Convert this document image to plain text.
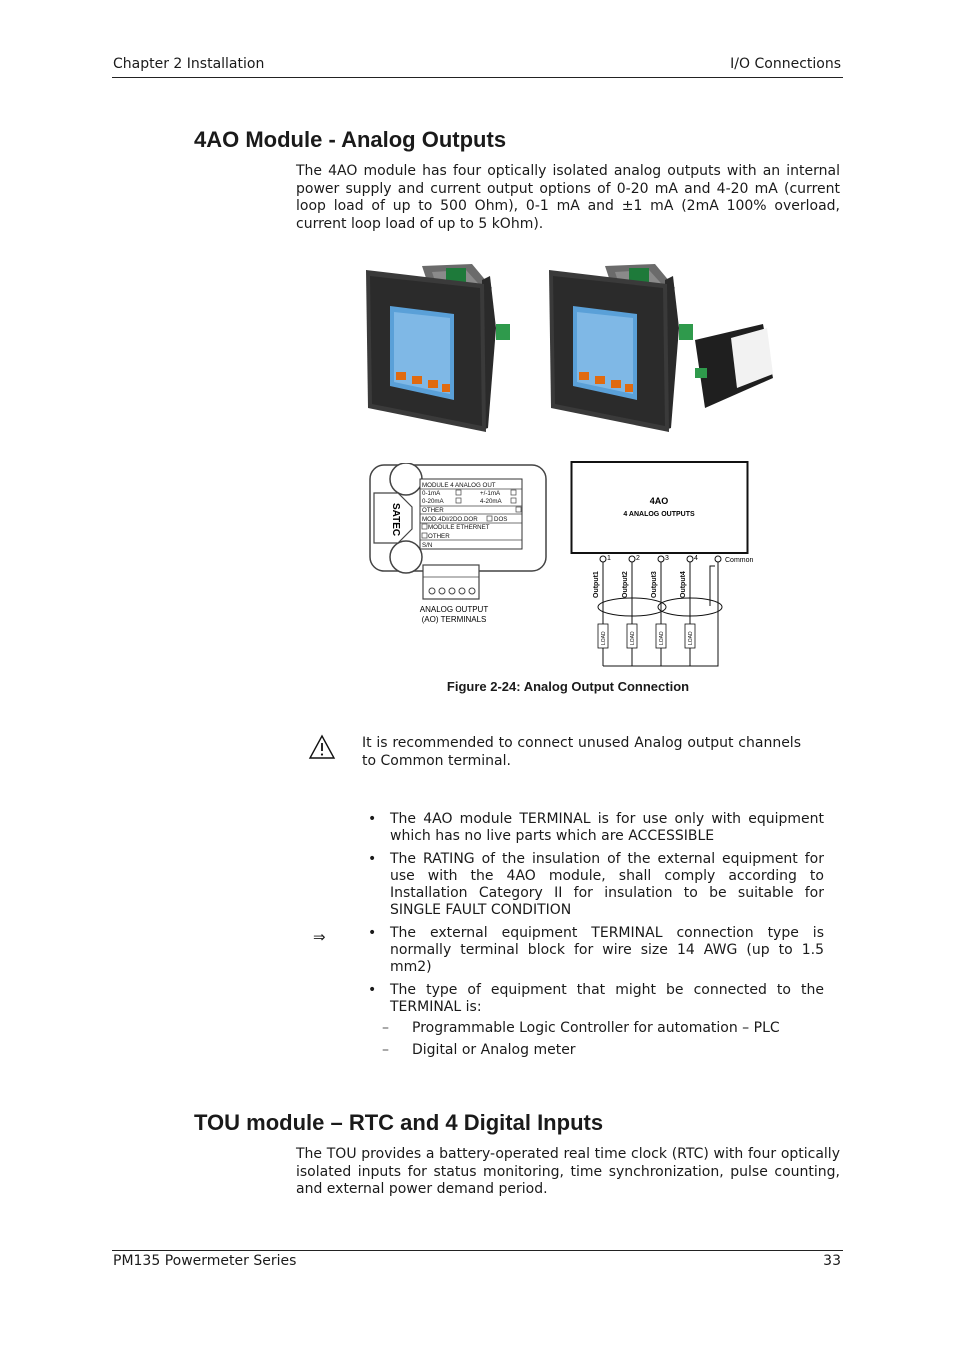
Chapter 2 Installation	I/O Connections
4AO Module - Analog Outputs

The 4AO module has four optically isolated analog outputs with an internal power supply and current output options of 0-20 mA and 4-20 mA (current loop load of up to 500 Ohm), 0-1 mA and ±1 mA (2mA 100% overload, current loop load of up to 5 kOhm).

SATEC
MODULE 4 ANALOG OUT
0-1mA	+/-1mA
0-20mA	4-20mA
OTHER
MOD.4DI/2DO.DOR	DOS
MODULE ETHERNET
OTHER
S/N
ANALOG OUTPUT
(AO) TERMINALS
4AO
4 ANALOG OUTPUTS
1	2	3	4	Common
Output1	Output2	Output3	Output4
LOAD	LOAD	LOAD	LOAD
Figure 2-24: Analog Output Connection

It is recommended to connect unused Analog output channels to Common terminal.

⇒
• The 4AO module TERMINAL is for use only with equipment which has no live parts which are ACCESSIBLE
• The RATING of the insulation of the external equipment for use with the 4AO module, shall comply according to Installation Category II for insulation to be suitable for SINGLE FAULT CONDITION
• The external equipment TERMINAL connection type is normally terminal block for wire size 14 AWG (up to 1.5 mm2)
• The type of equipment that might be connected to the TERMINAL is:
– Programmable Logic Controller for automation – PLC
– Digital or Analog meter
TOU module – RTC and 4 Digital Inputs

The TOU provides a battery-operated real time clock (RTC) with four optically isolated inputs for status monitoring, time synchronization, pulse counting, and external power demand period.

PM135 Powermeter Series	33
